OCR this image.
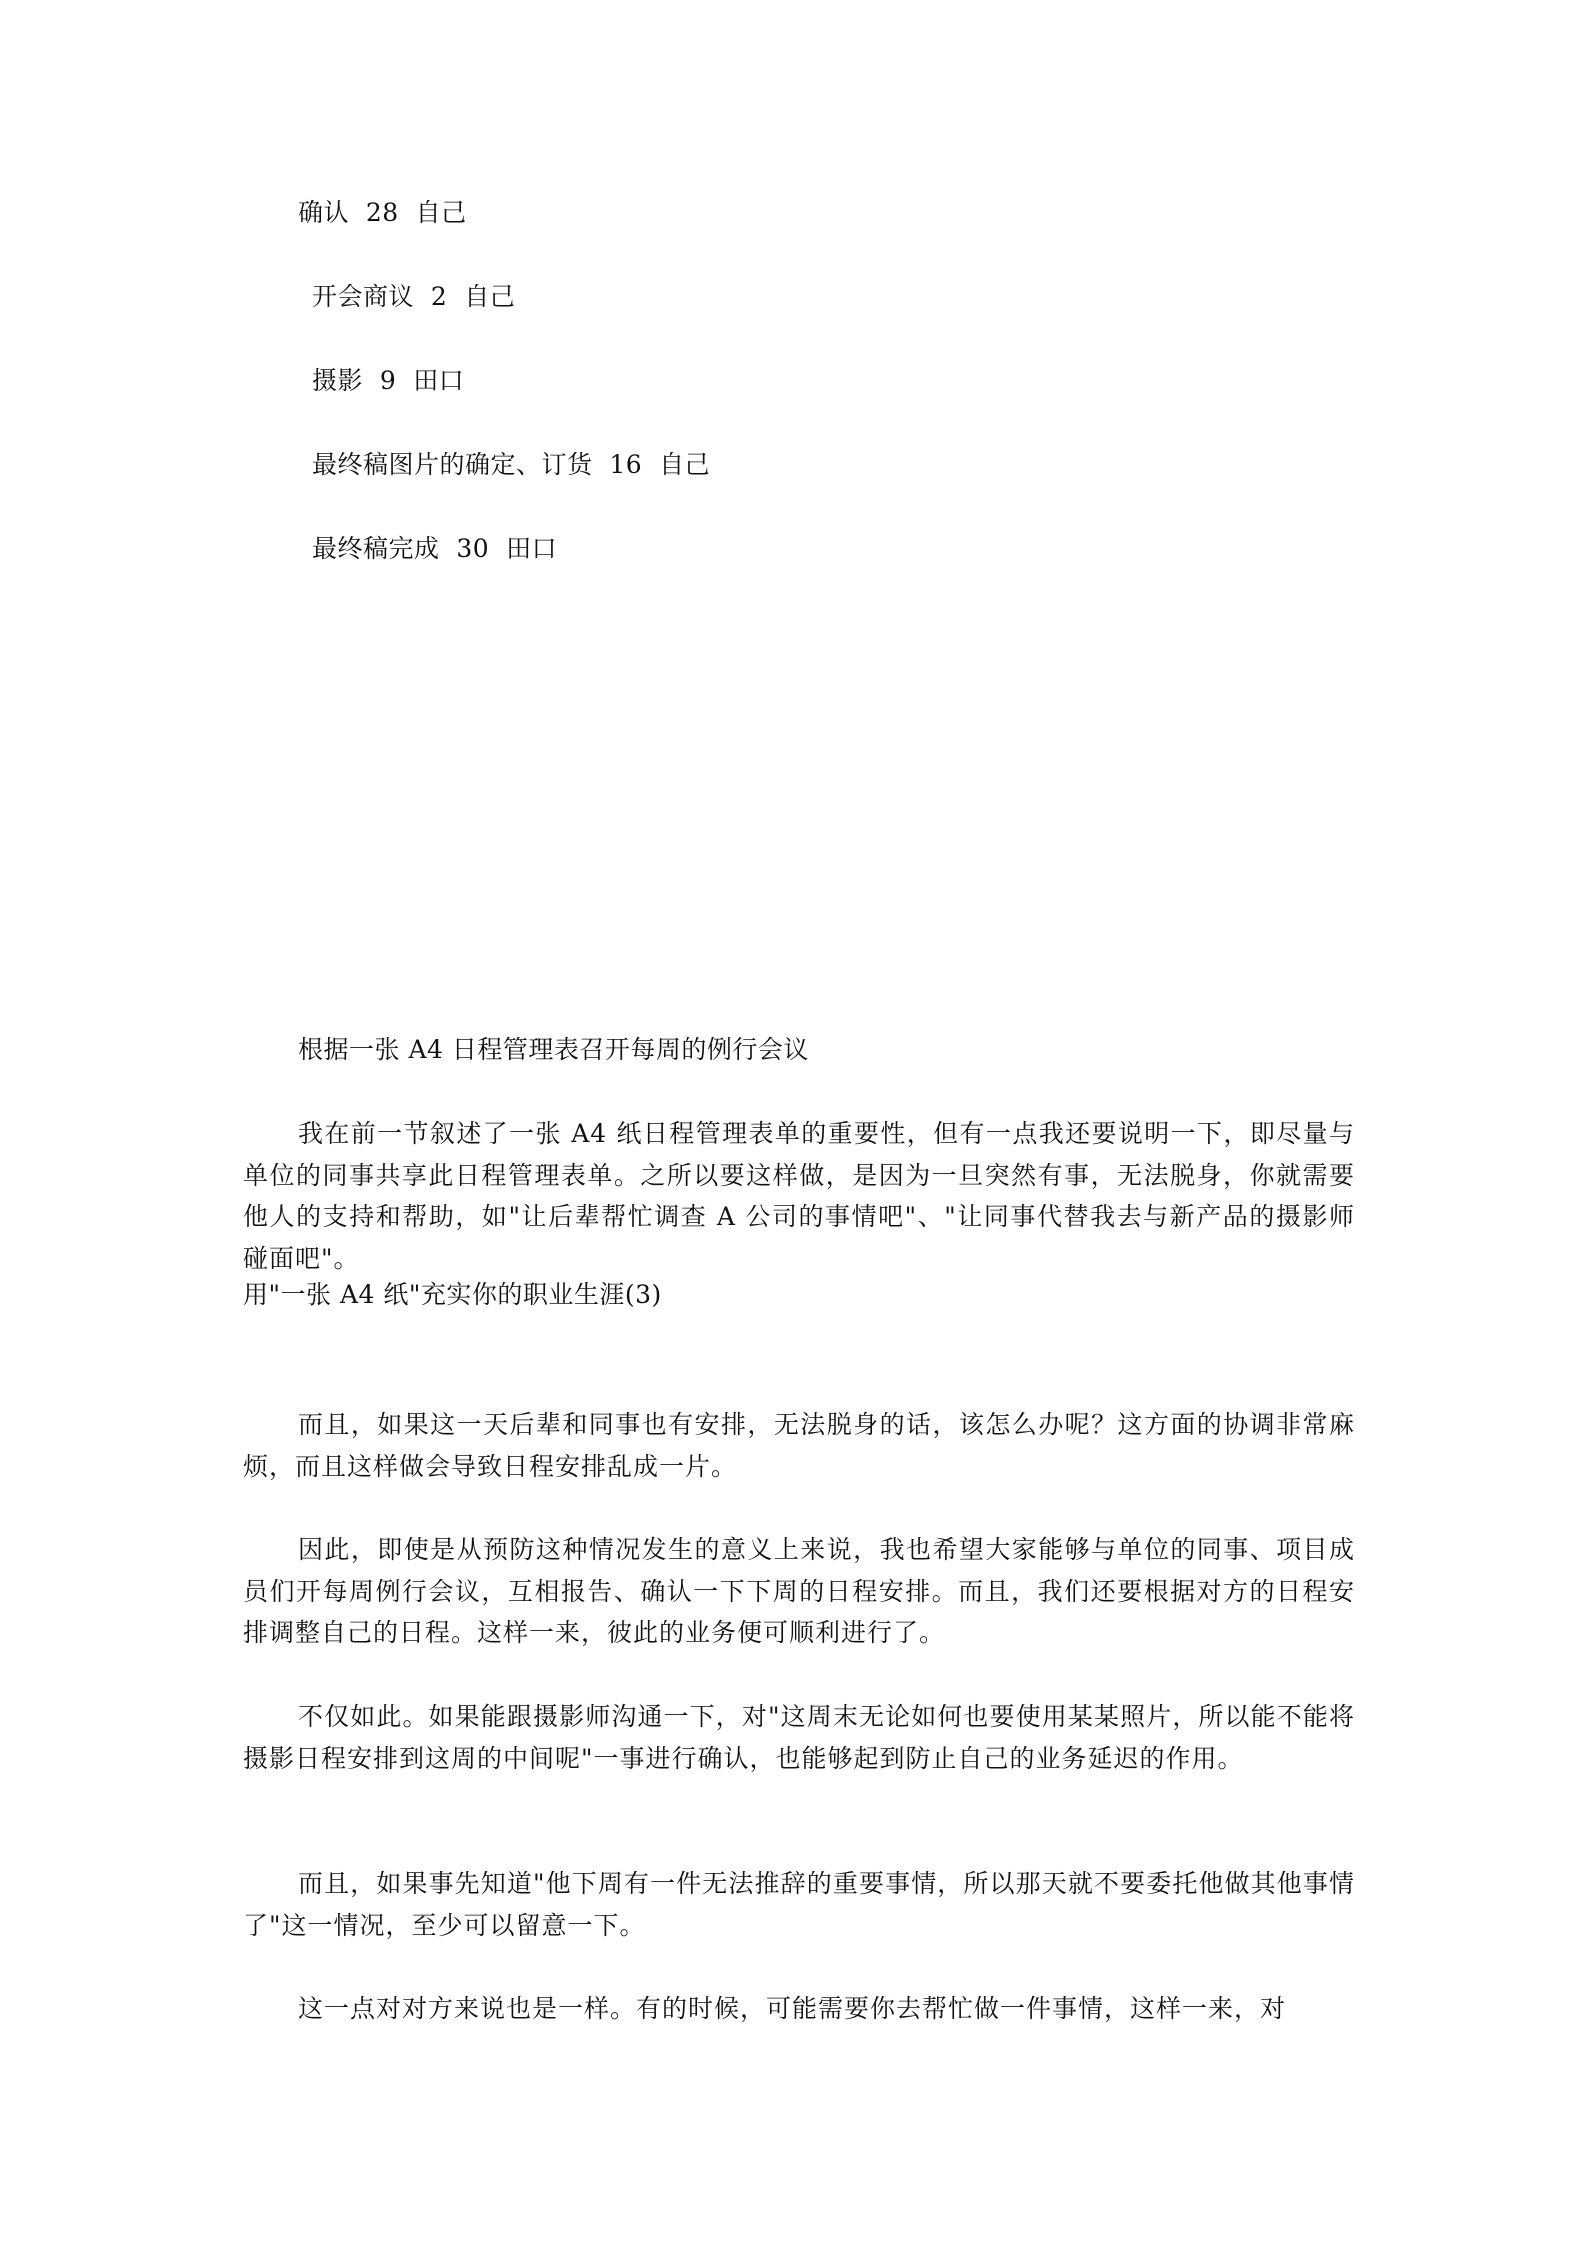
确认  28  自己
开会商议  2  自己
摄影  9  田口
最终稿图片的确定、订货  16  自己
最终稿完成  30  田口
根据一张 A4 日程管理表召开每周的例行会议
我在前一节叙述了一张 A4 纸日程管理表单的重要性，但有一点我还要说明一下，即尽量与单位的同事共享此日程管理表单。之所以要这样做，是因为一旦突然有事，无法脱身，你就需要他人的支持和帮助，如"让后辈帮忙调查 A 公司的事情吧"、"让同事代替我去与新产品的摄影师碰面吧"。
用"一张 A4 纸"充实你的职业生涯(3)
而且，如果这一天后辈和同事也有安排，无法脱身的话，该怎么办呢？这方面的协调非常麻烦，而且这样做会导致日程安排乱成一片。
因此，即使是从预防这种情况发生的意义上来说，我也希望大家能够与单位的同事、项目成员们开每周例行会议，互相报告、确认一下下周的日程安排。而且，我们还要根据对方的日程安排调整自己的日程。这样一来，彼此的业务便可顺利进行了。
不仅如此。如果能跟摄影师沟通一下，对"这周末无论如何也要使用某某照片，所以能不能将摄影日程安排到这周的中间呢"一事进行确认，也能够起到防止自己的业务延迟的作用。
而且，如果事先知道"他下周有一件无法推辞的重要事情，所以那天就不要委托他做其他事情了"这一情况，至少可以留意一下。
这一点对对方来说也是一样。有的时候，可能需要你去帮忙做一件事情，这样一来，对
